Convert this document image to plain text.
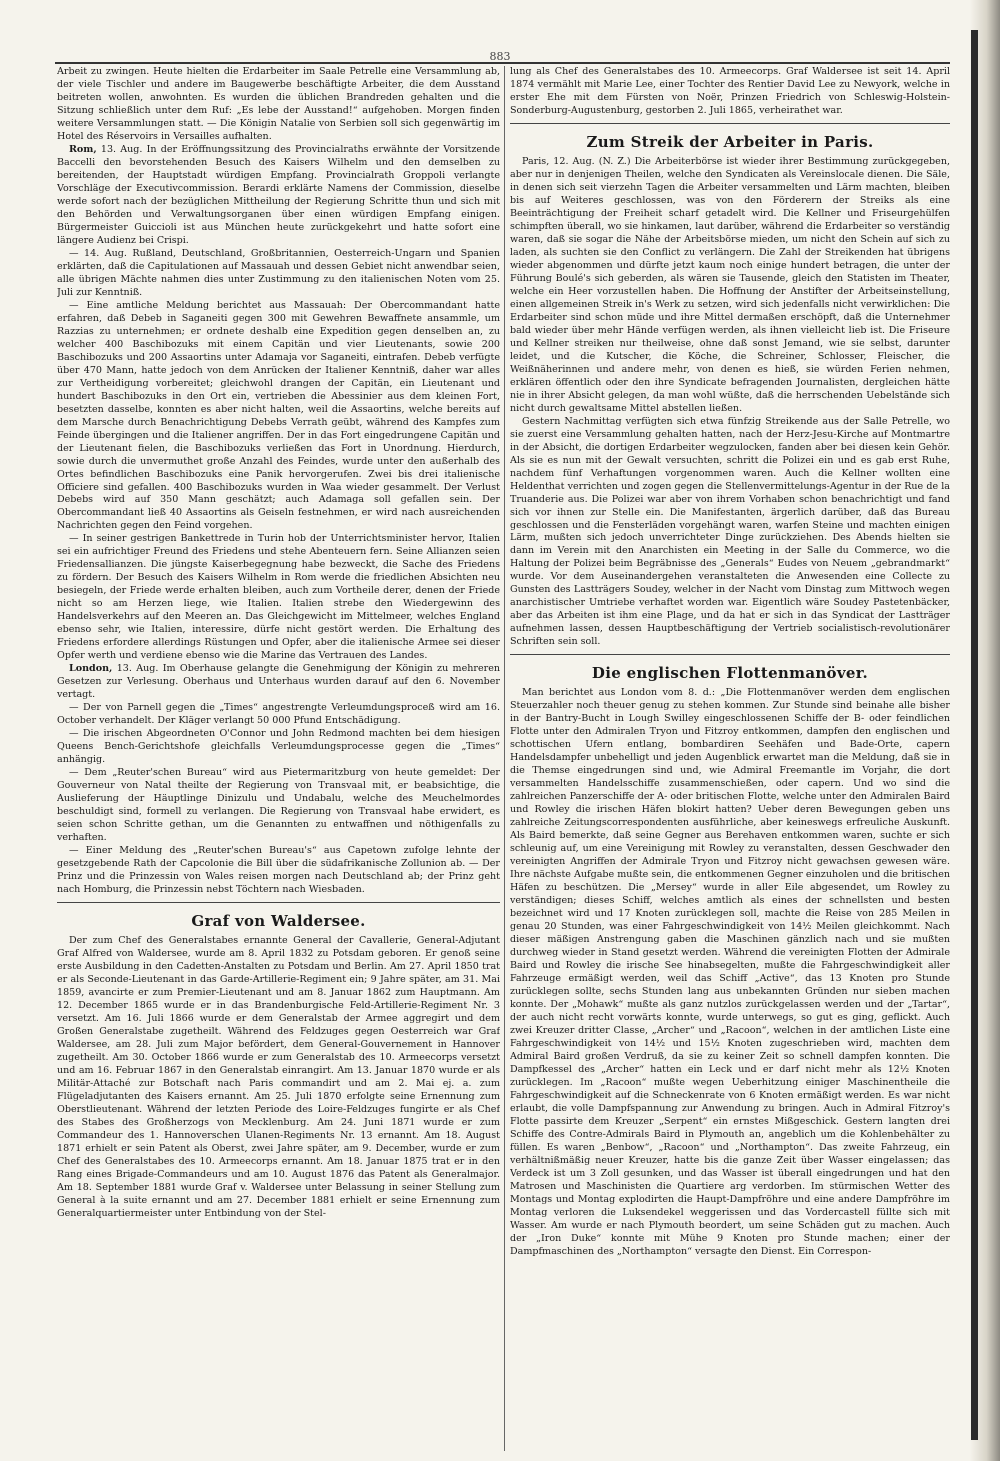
883

Arbeit zu zwingen. Heute hielten die Erdarbeiter im Saale Petrelle eine Versammlung ab, der viele Tischler und andere im Baugewerbe beschäftigte Arbeiter, die dem Ausstand beitreten wollen, anwohnten. Es wurden die üblichen Brandreden gehalten und die Sitzung schließlich unter dem Ruf: „Es lebe der Ausstand!“ aufgehoben. Morgen finden weitere Versammlungen statt. — Die Königin Natalie von Serbien soll sich gegenwärtig im Hotel des Réservoirs in Versailles aufhalten.

Rom, 13. Aug. In der Eröffnungssitzung des Provincialraths erwähnte der Vorsitzende Baccelli den bevorstehenden Besuch des Kaisers Wilhelm und den demselben zu bereitenden, der Hauptstadt würdigen Empfang. Provincialrath Groppoli verlangte Vorschläge der Executivcommission. Berardi erklärte Namens der Commission, dieselbe werde sofort nach der bezüglichen Mittheilung der Regierung Schritte thun und sich mit den Behörden und Verwaltungsorganen über einen würdigen Empfang einigen. Bürgermeister Guiccioli ist aus München heute zurückgekehrt und hatte sofort eine längere Audienz bei Crispi.

— 14. Aug. Rußland, Deutschland, Großbritannien, Oesterreich-Ungarn und Spanien erklärten, daß die Capitulationen auf Massauah und dessen Gebiet nicht anwendbar seien, alle übrigen Mächte nahmen dies unter Zustimmung zu den italienischen Noten vom 25. Juli zur Kenntniß.

— Eine amtliche Meldung berichtet aus Massauah: Der Obercommandant hatte erfahren, daß Debeb in Saganeiti gegen 300 mit Gewehren Bewaffnete ansammle, um Razzias zu unternehmen; er ordnete deshalb eine Expedition gegen denselben an, zu welcher 400 Baschibozuks mit einem Capitän und vier Lieutenants, sowie 200 Baschibozuks und 200 Assaortins unter Adamaja vor Saganeiti, eintrafen. Debeb verfügte über 470 Mann, hatte jedoch von dem Anrücken der Italiener Kenntniß, daher war alles zur Vertheidigung vorbereitet; gleichwohl drangen der Capitän, ein Lieutenant und hundert Baschibozuks in den Ort ein, vertrieben die Abessinier aus dem kleinen Fort, besetzten dasselbe, konnten es aber nicht halten, weil die Assaortins, welche bereits auf dem Marsche durch Benachrichtigung Debebs Verrath geübt, während des Kampfes zum Feinde übergingen und die Italiener angriffen. Der in das Fort eingedrungene Capitän und der Lieutenant fielen, die Baschibozuks verließen das Fort in Unordnung. Hierdurch, sowie durch die unvermuthet große Anzahl des Feindes, wurde unter den außerhalb des Ortes befindlichen Baschibozuks eine Panik hervorgerufen. Zwei bis drei italienische Officiere sind gefallen. 400 Baschibozuks wurden in Waa wieder gesammelt. Der Verlust Debebs wird auf 350 Mann geschätzt; auch Adamaga soll gefallen sein. Der Obercommandant ließ 40 Assaortins als Geiseln festnehmen, er wird nach ausreichenden Nachrichten gegen den Feind vorgehen.

— In seiner gestrigen Bankettrede in Turin hob der Unterrichtsminister hervor, Italien sei ein aufrichtiger Freund des Friedens und stehe Abenteuern fern. Seine Allianzen seien Friedensallianzen. Die jüngste Kaiserbegegnung habe bezweckt, die Sache des Friedens zu fördern. Der Besuch des Kaisers Wilhelm in Rom werde die friedlichen Absichten neu besiegeln, der Friede werde erhalten bleiben, auch zum Vortheile derer, denen der Friede nicht so am Herzen liege, wie Italien. Italien strebe den Wiedergewinn des Handelsverkehrs auf den Meeren an. Das Gleichgewicht im Mittelmeer, welches England ebenso sehr, wie Italien, interessire, dürfe nicht gestört werden. Die Erhaltung des Friedens erfordere allerdings Rüstungen und Opfer, aber die italienische Armee sei dieser Opfer werth und verdiene ebenso wie die Marine das Vertrauen des Landes.

London, 13. Aug. Im Oberhause gelangte die Genehmigung der Königin zu mehreren Gesetzen zur Verlesung. Oberhaus und Unterhaus wurden darauf auf den 6. November vertagt.

— Der von Parnell gegen die „Times“ angestrengte Verleumdungsproceß wird am 16. October verhandelt. Der Kläger verlangt 50 000 Pfund Entschädigung.

— Die irischen Abgeordneten O'Connor und John Redmond machten bei dem hiesigen Queens Bench-Gerichtshofe gleichfalls Verleumdungsprocesse gegen die „Times“ anhängig.

— Dem „Reuter'schen Bureau“ wird aus Pietermaritzburg von heute gemeldet: Der Gouverneur von Natal theilte der Regierung von Transvaal mit, er beabsichtige, die Auslieferung der Häuptlinge Dinizulu und Undabalu, welche des Meuchelmordes beschuldigt sind, formell zu verlangen. Die Regierung von Transvaal habe erwidert, es seien schon Schritte gethan, um die Genannten zu entwaffnen und nöthigenfalls zu verhaften.

— Einer Meldung des „Reuter'schen Bureau's“ aus Capetown zufolge lehnte der gesetzgebende Rath der Capcolonie die Bill über die südafrikanische Zollunion ab. — Der Prinz und die Prinzessin von Wales reisen morgen nach Deutschland ab; der Prinz geht nach Homburg, die Prinzessin nebst Töchtern nach Wiesbaden.

Graf von Waldersee.

Der zum Chef des Generalstabes ernannte General der Cavallerie, General-Adjutant Graf Alfred von Waldersee, wurde am 8. April 1832 zu Potsdam geboren. Er genoß seine erste Ausbildung in den Cadetten-Anstalten zu Potsdam und Berlin. Am 27. April 1850 trat er als Seconde-Lieutenant in das Garde-Artillerie-Regiment ein; 9 Jahre später, am 31. Mai 1859, avancirte er zum Premier-Lieutenant und am 8. Januar 1862 zum Hauptmann. Am 12. December 1865 wurde er in das Brandenburgische Feld-Artillerie-Regiment Nr. 3 versetzt. Am 16. Juli 1866 wurde er dem Generalstab der Armee aggregirt und dem Großen Generalstabe zugetheilt. Während des Feldzuges gegen Oesterreich war Graf Waldersee, am 28. Juli zum Major befördert, dem General-Gouvernement in Hannover zugetheilt. Am 30. October 1866 wurde er zum Generalstab des 10. Armeecorps versetzt und am 16. Februar 1867 in den Generalstab einrangirt. Am 13. Januar 1870 wurde er als Militär-Attaché zur Botschaft nach Paris commandirt und am 2. Mai ej. a. zum Flügeladjutanten des Kaisers ernannt. Am 25. Juli 1870 erfolgte seine Ernennung zum Oberstlieutenant. Während der letzten Periode des Loire-Feldzuges fungirte er als Chef des Stabes des Großherzogs von Mecklenburg. Am 24. Juni 1871 wurde er zum Commandeur des 1. Hannoverschen Ulanen-Regiments Nr. 13 ernannt. Am 18. August 1871 erhielt er sein Patent als Oberst, zwei Jahre später, am 9. December, wurde er zum Chef des Generalstabes des 10. Armeecorps ernannt. Am 18. Januar 1875 trat er in den Rang eines Brigade-Commandeurs und am 10. August 1876 das Patent als Generalmajor. Am 18. September 1881 wurde Graf v. Waldersee unter Belassung in seiner Stellung zum General à la suite ernannt und am 27. December 1881 erhielt er seine Ernennung zum Generalquartiermeister unter Entbindung von der Stel-

lung als Chef des Generalstabes des 10. Armeecorps. Graf Waldersee ist seit 14. April 1874 vermählt mit Marie Lee, einer Tochter des Rentier David Lee zu Newyork, welche in erster Ehe mit dem Fürsten von Noër, Prinzen Friedrich von Schleswig-Holstein-Sonderburg-Augustenburg, gestorben 2. Juli 1865, verheirathet war.

Zum Streik der Arbeiter in Paris.

Paris, 12. Aug. (N. Z.) Die Arbeiterbörse ist wieder ihrer Bestimmung zurückgegeben, aber nur in denjenigen Theilen, welche den Syndicaten als Vereinslocale dienen. Die Säle, in denen sich seit vierzehn Tagen die Arbeiter versammelten und Lärm machten, bleiben bis auf Weiteres geschlossen, was von den Förderern der Streiks als eine Beeinträchtigung der Freiheit scharf getadelt wird. Die Kellner und Friseurgehülfen schimpften überall, wo sie hinkamen, laut darüber, während die Erdarbeiter so verständig waren, daß sie sogar die Nähe der Arbeitsbörse mieden, um nicht den Schein auf sich zu laden, als suchten sie den Conflict zu verlängern. Die Zahl der Streikenden hat übrigens wieder abgenommen und dürfte jetzt kaum noch einige hundert betragen, die unter der Führung Boulé's sich geberden, als wären sie Tausende, gleich den Statisten im Theater, welche ein Heer vorzustellen haben. Die Hoffnung der Anstifter der Arbeitseinstellung, einen allgemeinen Streik in's Werk zu setzen, wird sich jedenfalls nicht verwirklichen: Die Erdarbeiter sind schon müde und ihre Mittel dermaßen erschöpft, daß die Unternehmer bald wieder über mehr Hände verfügen werden, als ihnen vielleicht lieb ist. Die Friseure und Kellner streiken nur theilweise, ohne daß sonst Jemand, wie sie selbst, darunter leidet, und die Kutscher, die Köche, die Schreiner, Schlosser, Fleischer, die Weißnäherinnen und andere mehr, von denen es hieß, sie würden Ferien nehmen, erklären öffentlich oder den ihre Syndicate befragenden Journalisten, dergleichen hätte nie in ihrer Absicht gelegen, da man wohl wüßte, daß die herrschenden Uebelstände sich nicht durch gewaltsame Mittel abstellen ließen.

Gestern Nachmittag verfügten sich etwa fünfzig Streikende aus der Salle Petrelle, wo sie zuerst eine Versammlung gehalten hatten, nach der Herz-Jesu-Kirche auf Montmartre in der Absicht, die dortigen Erdarbeiter wegzulocken, fanden aber bei diesen kein Gehör. Als sie es nun mit der Gewalt versuchten, schritt die Polizei ein und es gab erst Ruhe, nachdem fünf Verhaftungen vorgenommen waren. Auch die Kellner wollten eine Heldenthat verrichten und zogen gegen die Stellenvermittelungs-Agentur in der Rue de la Truanderie aus. Die Polizei war aber von ihrem Vorhaben schon benachrichtigt und fand sich vor ihnen zur Stelle ein. Die Manifestanten, ärgerlich darüber, daß das Bureau geschlossen und die Fensterläden vorgehängt waren, warfen Steine und machten einigen Lärm, mußten sich jedoch unverrichteter Dinge zurückziehen. Des Abends hielten sie dann im Verein mit den Anarchisten ein Meeting in der Salle du Commerce, wo die Haltung der Polizei beim Begräbnisse des „Generals“ Eudes von Neuem „gebrandmarkt“ wurde. Vor dem Auseinandergehen veranstalteten die Anwesenden eine Collecte zu Gunsten des Lastträgers Soudey, welcher in der Nacht vom Dinstag zum Mittwoch wegen anarchistischer Umtriebe verhaftet worden war. Eigentlich wäre Soudey Pastetenbäcker, aber das Arbeiten ist ihm eine Plage, und da hat er sich in das Syndicat der Lastträger aufnehmen lassen, dessen Hauptbeschäftigung der Vertrieb socialistisch-revolutionärer Schriften sein soll.

Die englischen Flottenmanöver.

Man berichtet aus London vom 8. d.: „Die Flottenmanöver werden dem englischen Steuerzahler noch theuer genug zu stehen kommen. Zur Stunde sind beinahe alle bisher in der Bantry-Bucht in Lough Swilley eingeschlossenen Schiffe der B- oder feindlichen Flotte unter den Admiralen Tryon und Fitzroy entkommen, dampfen den englischen und schottischen Ufern entlang, bombardiren Seehäfen und Bade-Orte, capern Handelsdampfer unbehelligt und jeden Augenblick erwartet man die Meldung, daß sie in die Themse eingedrungen sind und, wie Admiral Freemantle im Vorjahr, die dort versammelten Handelsschiffe zusammenschießen, oder capern. Und wo sind die zahlreichen Panzerschiffe der A- oder britischen Flotte, welche unter den Admiralen Baird und Rowley die irischen Häfen blokirt hatten? Ueber deren Bewegungen geben uns zahlreiche Zeitungscorrespondenten ausführliche, aber keineswegs erfreuliche Auskunft. Als Baird bemerkte, daß seine Gegner aus Berehaven entkommen waren, suchte er sich schleunig auf, um eine Vereinigung mit Rowley zu veranstalten, dessen Geschwader den vereinigten Angriffen der Admirale Tryon und Fitzroy nicht gewachsen gewesen wäre. Ihre nächste Aufgabe mußte sein, die entkommenen Gegner einzuholen und die britischen Häfen zu beschützen. Die „Mersey“ wurde in aller Eile abgesendet, um Rowley zu verständigen; dieses Schiff, welches amtlich als eines der schnellsten und besten bezeichnet wird und 17 Knoten zurücklegen soll, machte die Reise von 285 Meilen in genau 20 Stunden, was einer Fahrgeschwindigkeit von 14½ Meilen gleichkommt. Nach dieser mäßigen Anstrengung gaben die Maschinen gänzlich nach und sie mußten durchweg wieder in Stand gesetzt werden. Während die vereinigten Flotten der Admirale Baird und Rowley die irische See hinabsegelten, mußte die Fahrgeschwindigkeit aller Fahrzeuge ermäßigt werden, weil das Schiff „Active“, das 13 Knoten pro Stunde zurücklegen sollte, sechs Stunden lang aus unbekannten Gründen nur sieben machen konnte. Der „Mohawk“ mußte als ganz nutzlos zurückgelassen werden und der „Tartar“, der auch nicht recht vorwärts konnte, wurde unterwegs, so gut es ging, geflickt. Auch zwei Kreuzer dritter Classe, „Archer“ und „Racoon“, welchen in der amtlichen Liste eine Fahrgeschwindigkeit von 14½ und 15½ Knoten zugeschrieben wird, machten dem Admiral Baird großen Verdruß, da sie zu keiner Zeit so schnell dampfen konnten. Die Dampfkessel des „Archer“ hatten ein Leck und er darf nicht mehr als 12½ Knoten zurücklegen. Im „Racoon“ mußte wegen Ueberhitzung einiger Maschinentheile die Fahrgeschwindigkeit auf die Schneckenrate von 6 Knoten ermäßigt werden. Es war nicht erlaubt, die volle Dampfspannung zur Anwendung zu bringen. Auch in Admiral Fitzroy's Flotte passirte dem Kreuzer „Serpent“ ein ernstes Mißgeschick. Gestern langten drei Schiffe des Contre-Admirals Baird in Plymouth an, angeblich um die Kohlenbehälter zu füllen. Es waren „Benbow“, „Racoon“ und „Northampton“. Das zweite Fahrzeug, ein verhältnißmäßig neuer Kreuzer, hatte bis die ganze Zeit über Wasser eingelassen; das Verdeck ist um 3 Zoll gesunken, und das Wasser ist überall eingedrungen und hat den Matrosen und Maschinisten die Quartiere arg verdorben. Im stürmischen Wetter des Montags und Montag explodirten die Haupt-Dampfröhre und eine andere Dampfröhre im Montag verloren die Luksendekel weggerissen und das Vordercastell füllte sich mit Wasser. Am wurde er nach Plymouth beordert, um seine Schäden gut zu machen. Auch der „Iron Duke“ konnte mit Mühe 9 Knoten pro Stunde machen; einer der Dampfmaschinen des „Northampton“ versagte den Dienst. Ein Correspon-
